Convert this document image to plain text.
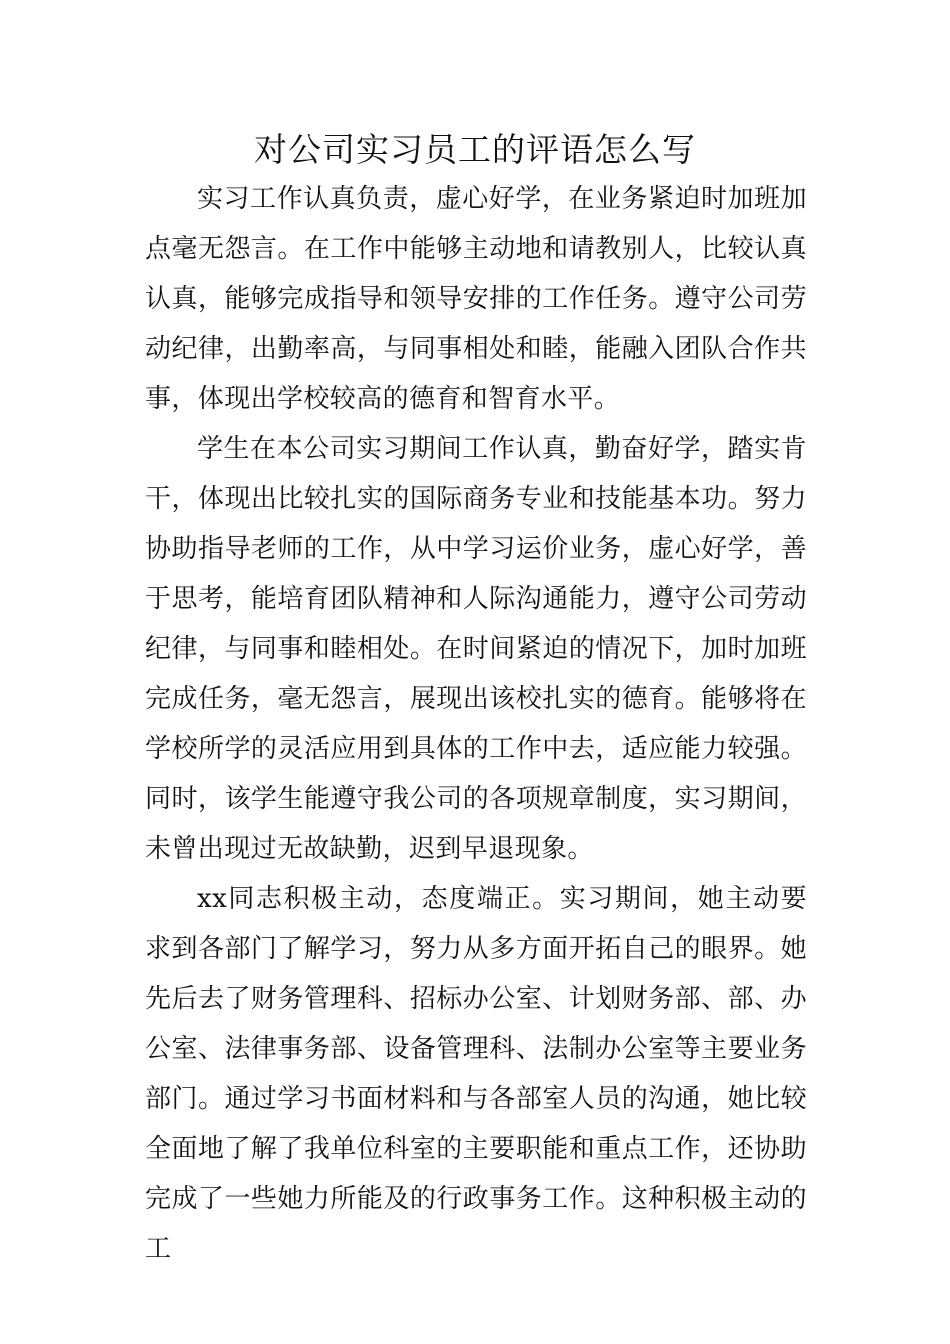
对公司实习员工的评语怎么写

实习工作认真负责，虚心好学，在业务紧迫时加班加点毫无怨言。在工作中能够主动地和请教别人，比较认真认真，能够完成指导和领导安排的工作任务。遵守公司劳动纪律，出勤率高，与同事相处和睦，能融入团队合作共事，体现出学校较高的德育和智育水平。

学生在本公司实习期间工作认真，勤奋好学，踏实肯干，体现出比较扎实的国际商务专业和技能基本功。努力协助指导老师的工作，从中学习运价业务，虚心好学，善于思考，能培育团队精神和人际沟通能力，遵守公司劳动纪律，与同事和睦相处。在时间紧迫的情况下，加时加班完成任务，毫无怨言，展现出该校扎实的德育。能够将在学校所学的灵活应用到具体的工作中去，适应能力较强。同时，该学生能遵守我公司的各项规章制度，实习期间，未曾出现过无故缺勤，迟到早退现象。

xx同志积极主动，态度端正。实习期间，她主动要求到各部门了解学习，努力从多方面开拓自己的眼界。她先后去了财务管理科、招标办公室、计划财务部、部、办公室、法律事务部、设备管理科、法制办公室等主要业务部门。通过学习书面材料和与各部室人员的沟通，她比较全面地了解了我单位科室的主要职能和重点工作，还协助完成了一些她力所能及的行政事务工作。这种积极主动的工
